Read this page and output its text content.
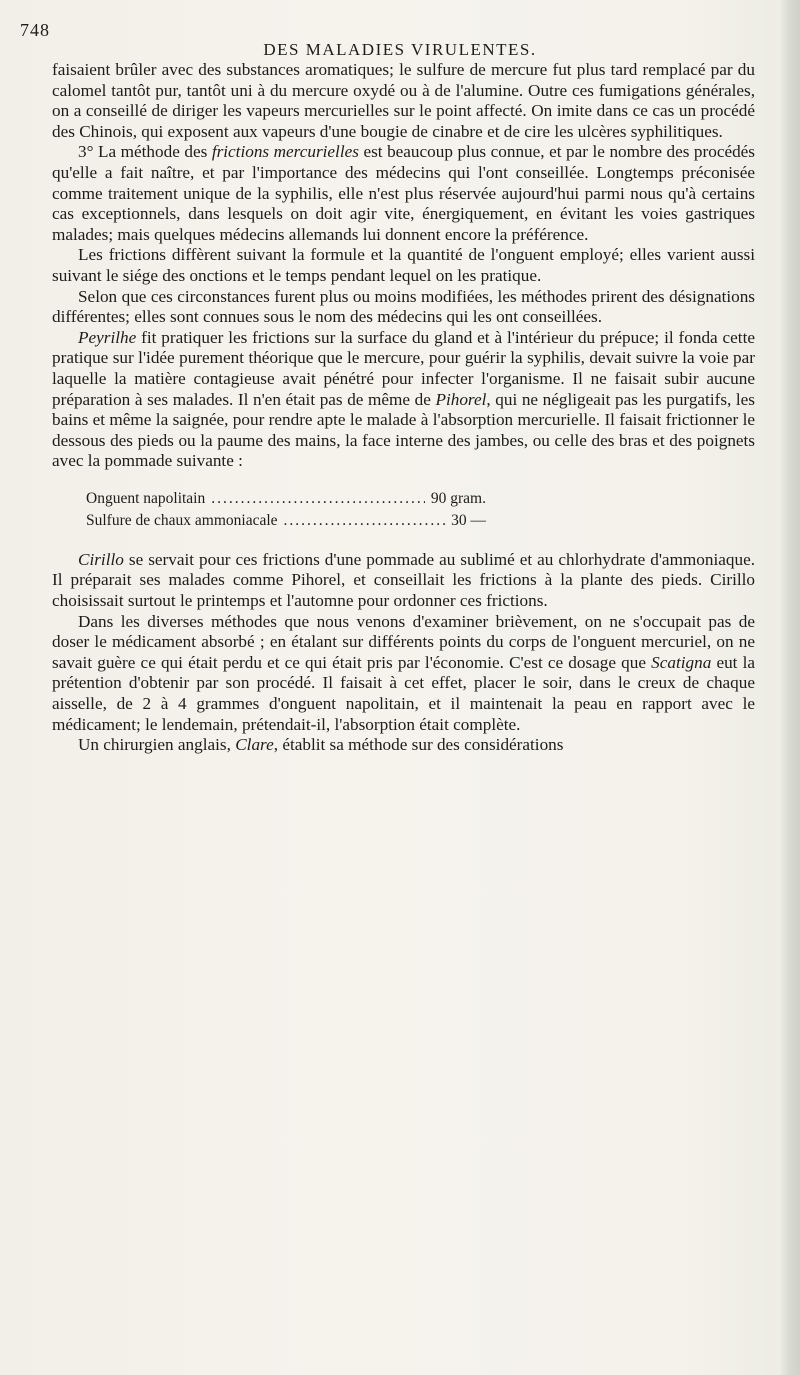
748
DES MALADIES VIRULENTES.

faisaient brûler avec des substances aromatiques; le sulfure de mercure fut plus tard remplacé par du calomel tantôt pur, tantôt uni à du mercure oxydé ou à de l'alumine. Outre ces fumigations générales, on a conseillé de diriger les vapeurs mercurielles sur le point affecté. On imite dans ce cas un procédé des Chinois, qui exposent aux vapeurs d'une bougie de cinabre et de cire les ulcères syphilitiques.

3° La méthode des frictions mercurielles est beaucoup plus connue, et par le nombre des procédés qu'elle a fait naître, et par l'importance des médecins qui l'ont conseillée. Longtemps préconisée comme traitement unique de la syphilis, elle n'est plus réservée aujourd'hui parmi nous qu'à certains cas exceptionnels, dans lesquels on doit agir vite, énergiquement, en évitant les voies gastriques malades; mais quelques médecins allemands lui donnent encore la préférence.

Les frictions diffèrent suivant la formule et la quantité de l'onguent employé; elles varient aussi suivant le siége des onctions et le temps pendant lequel on les pratique.

Selon que ces circonstances furent plus ou moins modifiées, les méthodes prirent des désignations différentes; elles sont connues sous le nom des médecins qui les ont conseillées.

Peyrilhe fit pratiquer les frictions sur la surface du gland et à l'intérieur du prépuce; il fonda cette pratique sur l'idée purement théorique que le mercure, pour guérir la syphilis, devait suivre la voie par laquelle la matière contagieuse avait pénétré pour infecter l'organisme. Il ne faisait subir aucune préparation à ses malades. Il n'en était pas de même de Pihorel, qui ne négligeait pas les purgatifs, les bains et même la saignée, pour rendre apte le malade à l'absorption mercurielle. Il faisait frictionner le dessous des pieds ou la paume des mains, la face interne des jambes, ou celle des bras et des poignets avec la pommade suivante :

Onguent napolitain .....	90 gram.
Sulfure de chaux ammoniacale .....	30 —

Cirillo se servait pour ces frictions d'une pommade au sublimé et au chlorhydrate d'ammoniaque. Il préparait ses malades comme Pihorel, et conseillait les frictions à la plante des pieds. Cirillo choisissait surtout le printemps et l'automne pour ordonner ces frictions.

Dans les diverses méthodes que nous venons d'examiner brièvement, on ne s'occupait pas de doser le médicament absorbé ; en étalant sur différents points du corps de l'onguent mercuriel, on ne savait guère ce qui était perdu et ce qui était pris par l'économie. C'est ce dosage que Scatigna eut la prétention d'obtenir par son procédé. Il faisait à cet effet, placer le soir, dans le creux de chaque aisselle, de 2 à 4 grammes d'onguent napolitain, et il maintenait la peau en rapport avec le médicament; le lendemain, prétendait-il, l'absorption était complète.

Un chirurgien anglais, Clare, établit sa méthode sur des considérations
